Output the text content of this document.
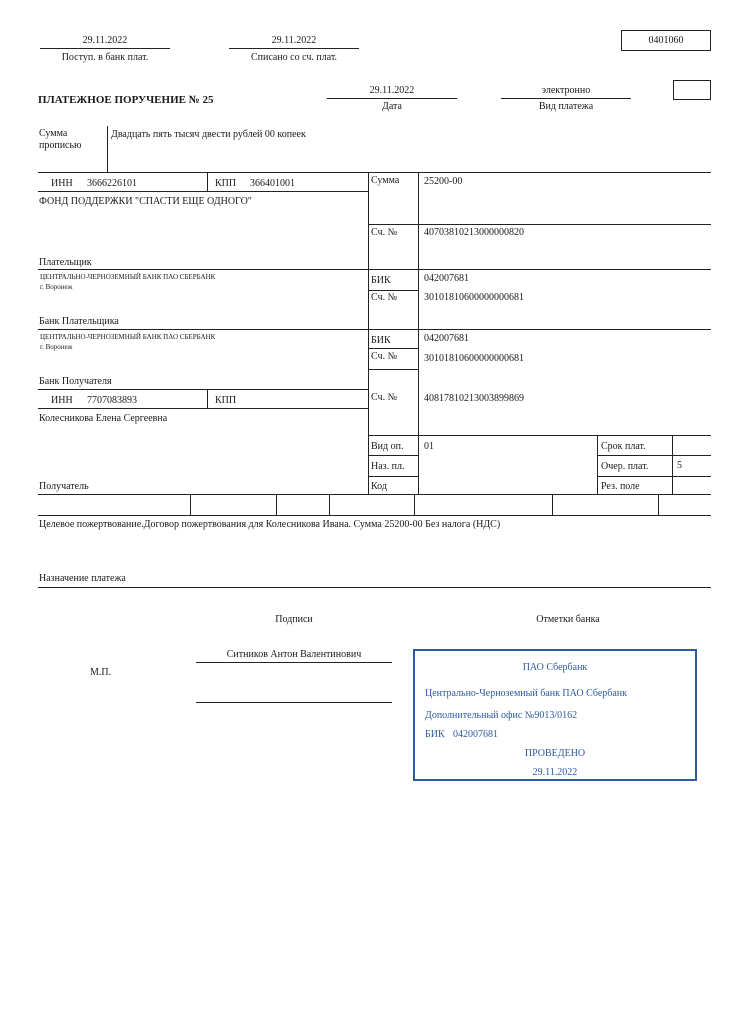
29.11.2022
Поступ. в банк плат.
29.11.2022
Списано со сч. плат.
0401060
ПЛАТЕЖНОЕ ПОРУЧЕНИЕ № 25
29.11.2022
Дата
электронно
Вид платежа
Сумма
прописью
Двадцать пять тысяч двести рублей 00 копеек
ИНН 3666226101	КПП 366401001
ФОНД ПОДДЕРЖКИ "СПАСТИ ЕЩЕ ОДНОГО"
Плательщик
Сумма 25200-00
Сч. №	40703810213000000820
ЦЕНТРАЛЬНО-ЧЕРНОЗЕМНЫЙ БАНК ПАО СБЕРБАНК
г. Воронеж
Банк Плательщика
БИК	042007681
Сч. №	30101810600000000681
ЦЕНТРАЛЬНО-ЧЕРНОЗЕМНЫЙ БАНК ПАО СБЕРБАНК
г. Воронеж
Банк Получателя
БИК	042007681
Сч. №	30101810600000000681
ИНН 7707083893	КПП
Колесникова Елена Сергеевна
Сч. №	40817810213003899869
Получатель
Вид оп. 01
Наз. пл.
Код
Срок плат.
Очер. плат.	5
Рез. поле
Целевое пожертвование.Договор пожертвования для Колесникова Ивана. Сумма 25200-00 Без налога (НДС)
Назначение платежа
Подписи	Отметки банка
Ситников Антон Валентинович
М.П.	ПАО Сбербанк
Центрально-Черноземный банк ПАО Сбербанк
Дополнительный офис №9013/0162
БИК 042007681
ПРОВЕДЕНО
29.11.2022
